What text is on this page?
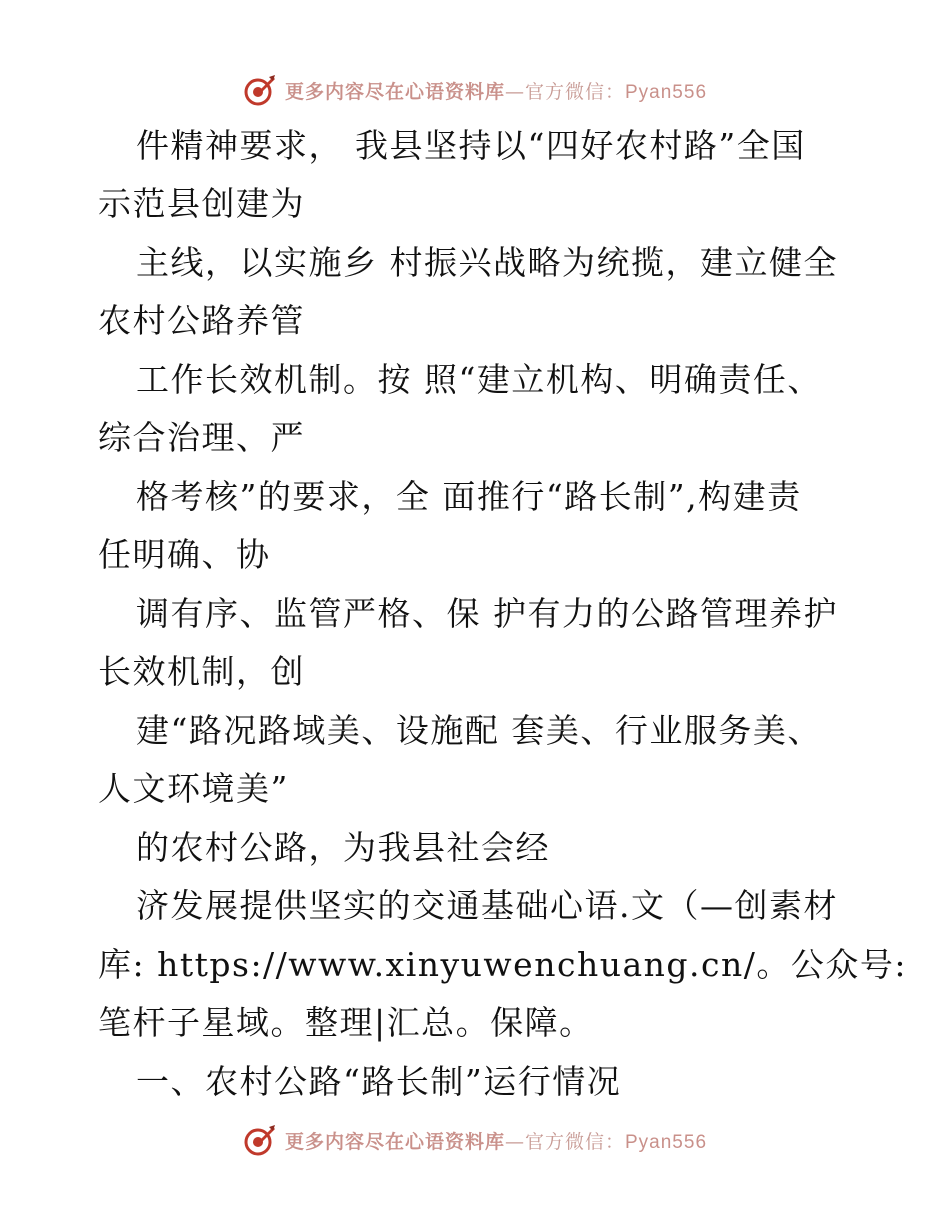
更多内容尽在心语资料库—官方微信：Pyan556
件精神要求， 我县坚持以“四好农村路”全国
示范县创建为
主线，以实施乡 村振兴战略为统揽，建立健全
农村公路养管
工作长效机制。按 照“建立机构、明确责任、
综合治理、严
格考核”的要求，全 面推行“路长制”,构建责
任明确、协
调有序、监管严格、保 护有力的公路管理养护
长效机制，创
建“路况路域美、设施配 套美、行业服务美、
人文环境美”
的农村公路，为我县社会经
济发展提供坚实的交通基础心语.文（—创素材
库: https://www.xinyuwenchuang.cn/。公众号:
笔杆子星域。整理|汇总。保障。
一、农村公路“路长制”运行情况
更多内容尽在心语资料库—官方微信：Pyan556
